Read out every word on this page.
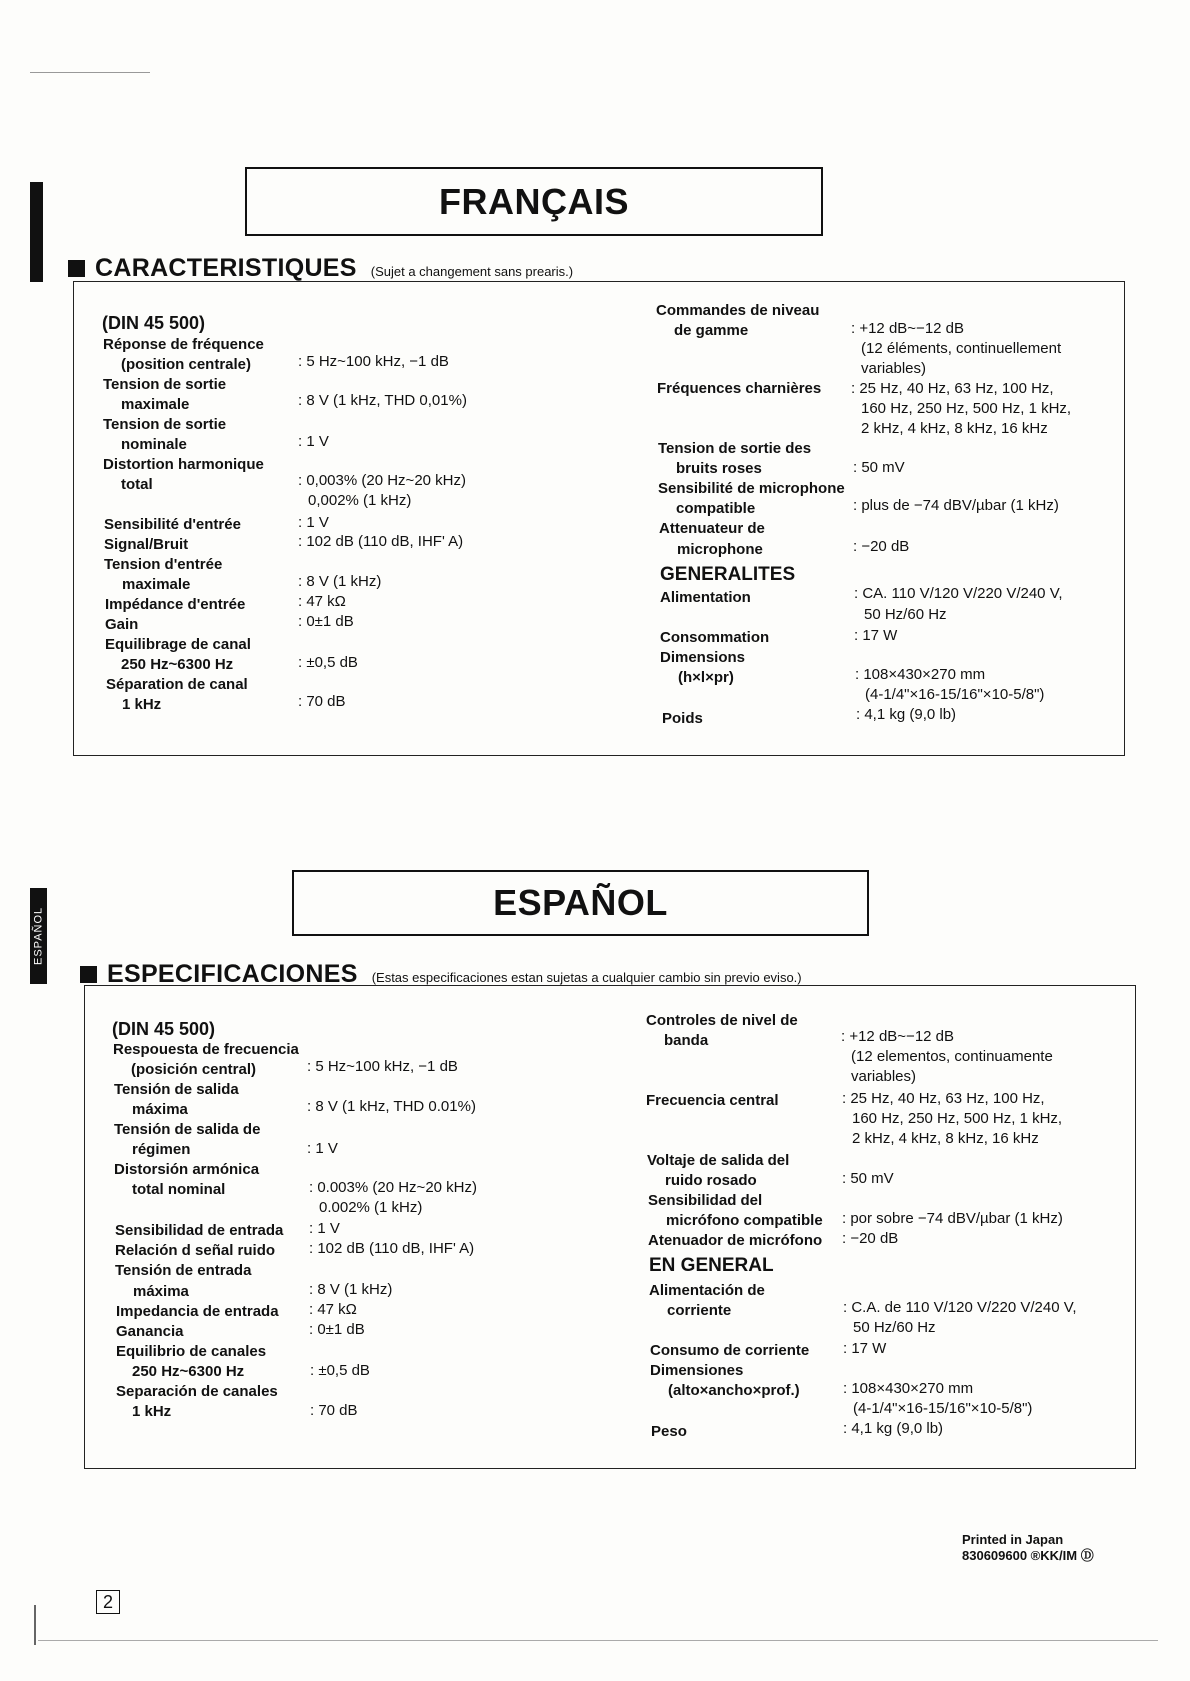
FRANÇAIS
CARACTERISTIQUES (Sujet a changement sans prearis.)
(DIN 45 500)
Réponse de fréquence
(position centrale)	: 5 Hz~100 kHz, −1 dB
Tension de sortie
maximale	: 8 V (1 kHz, THD 0,01%)
Tension de sortie
nominale	: 1 V
Distortion harmonique
total	: 0,003% (20 Hz~20 kHz)
0,002% (1 kHz)
Sensibilité d'entrée	: 1 V
Signal/Bruit	: 102 dB (110 dB, IHF' A)
Tension d'entrée
maximale	: 8 V (1 kHz)
Impédance d'entrée	: 47 kΩ
Gain	: 0±1 dB
Equilibrage de canal
250 Hz~6300 Hz	: ±0,5 dB
Séparation de canal
1 kHz	: 70 dB
Commandes de niveau
de gamme	: +12 dB~−12 dB
(12 éléments, continuellement
variables)
Fréquences charnières : 25 Hz, 40 Hz, 63 Hz, 100 Hz,
160 Hz, 250 Hz, 500 Hz, 1 kHz,
2 kHz, 4 kHz, 8 kHz, 16 kHz
Tension de sortie des
bruits roses	: 50 mV
Sensibilité de microphone
compatible	: plus de −74 dBV/µbar (1 kHz)
Attenuateur de
microphone	: −20 dB
GENERALITES
Alimentation	: CA. 110 V/120 V/220 V/240 V,
50 Hz/60 Hz
Consommation	: 17 W
Dimensions
(h×l×pr)	: 108×430×270 mm
(4-1/4"×16-15/16"×10-5/8")
Poids	: 4,1 kg (9,0 lb)
ESPAÑOL
ESPAÑOL
ESPECIFICACIONES (Estas especificaciones estan sujetas a cualquier cambio sin previo eviso.)
(DIN 45 500)
Respouesta de frecuencia
(posición central)	: 5 Hz~100 kHz, −1 dB
Tensión de salida
máxima	: 8 V (1 kHz, THD 0.01%)
Tensión de salida de
régimen	: 1 V
Distorsión armónica
total nominal	: 0.003% (20 Hz~20 kHz)
0.002% (1 kHz)
Sensibilidad de entrada : 1 V
Relación d señal ruido : 102 dB (110 dB, IHF' A)
Tensión de entrada
máxima	: 8 V (1 kHz)
Impedancia de entrada : 47 kΩ
Ganancia	: 0±1 dB
Equilibrio de canales
250 Hz~6300 Hz	: ±0,5 dB
Separación de canales
1 kHz	: 70 dB
Controles de nivel de
banda	: +12 dB~−12 dB
(12 elementos, continuamente
variables)
Frecuencia central	: 25 Hz, 40 Hz, 63 Hz, 100 Hz,
160 Hz, 250 Hz, 500 Hz, 1 kHz,
2 kHz, 4 kHz, 8 kHz, 16 kHz
Voltaje de salida del
ruido rosado	: 50 mV
Sensibilidad del
micrófono compatible : por sobre −74 dBV/µbar (1 kHz)
Atenuador de micrófono : −20 dB
EN GENERAL
Alimentación de
corriente	: C.A. de 110 V/120 V/220 V/240 V,
50 Hz/60 Hz
Consumo de corriente : 17 W
Dimensiones
(alto×ancho×prof.)	: 108×430×270 mm
(4-1/4"×16-15/16"×10-5/8")
Peso	: 4,1 kg (9,0 lb)
Printed in Japan
830609600 ®KK/IM Ⓓ
2
